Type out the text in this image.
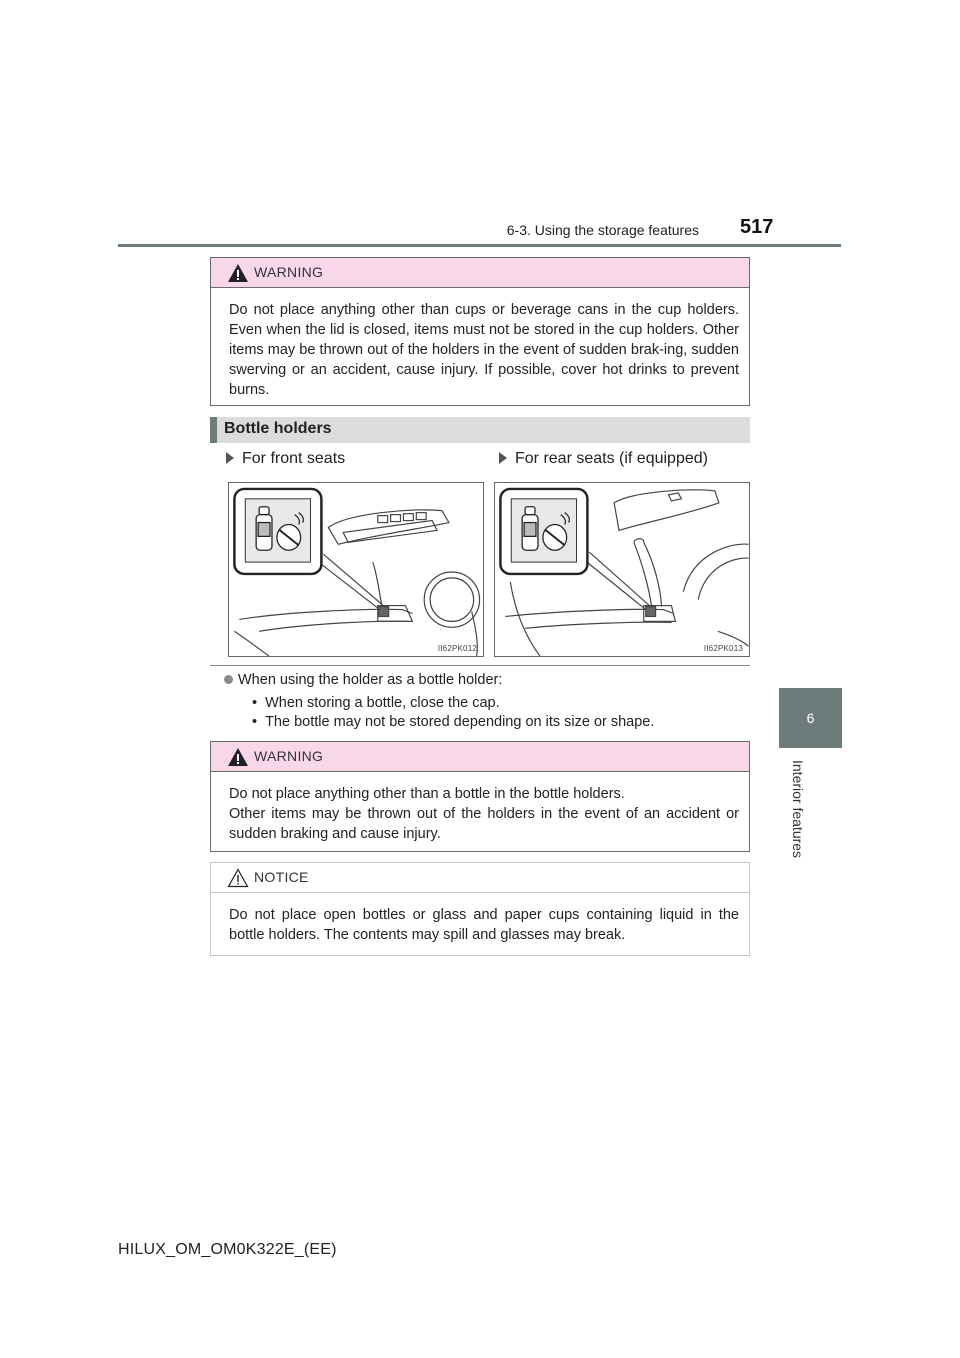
6-3. Using the storage features 517
6
Interior features
WARNING
Do not place anything other than cups or beverage cans in the cup holders. Even when the lid is closed, items must not be stored in the cup holders. Other items may be thrown out of the holders in the event of sudden brak-ing, sudden swerving or an accident, cause injury. If possible, cover hot drinks to prevent burns.
Bottle holders
For front seats	For rear seats (if equipped)
II62PK012	II62PK013
When using the holder as a bottle holder:
• When storing a bottle, close the cap.
• The bottle may not be stored depending on its size or shape.
WARNING
Do not place anything other than a bottle in the bottle holders.
Other items may be thrown out of the holders in the event of an accident or sudden braking and cause injury.
NOTICE
Do not place open bottles or glass and paper cups containing liquid in the bottle holders. The contents may spill and glasses may break.
HILUX_OM_OM0K322E_(EE)
